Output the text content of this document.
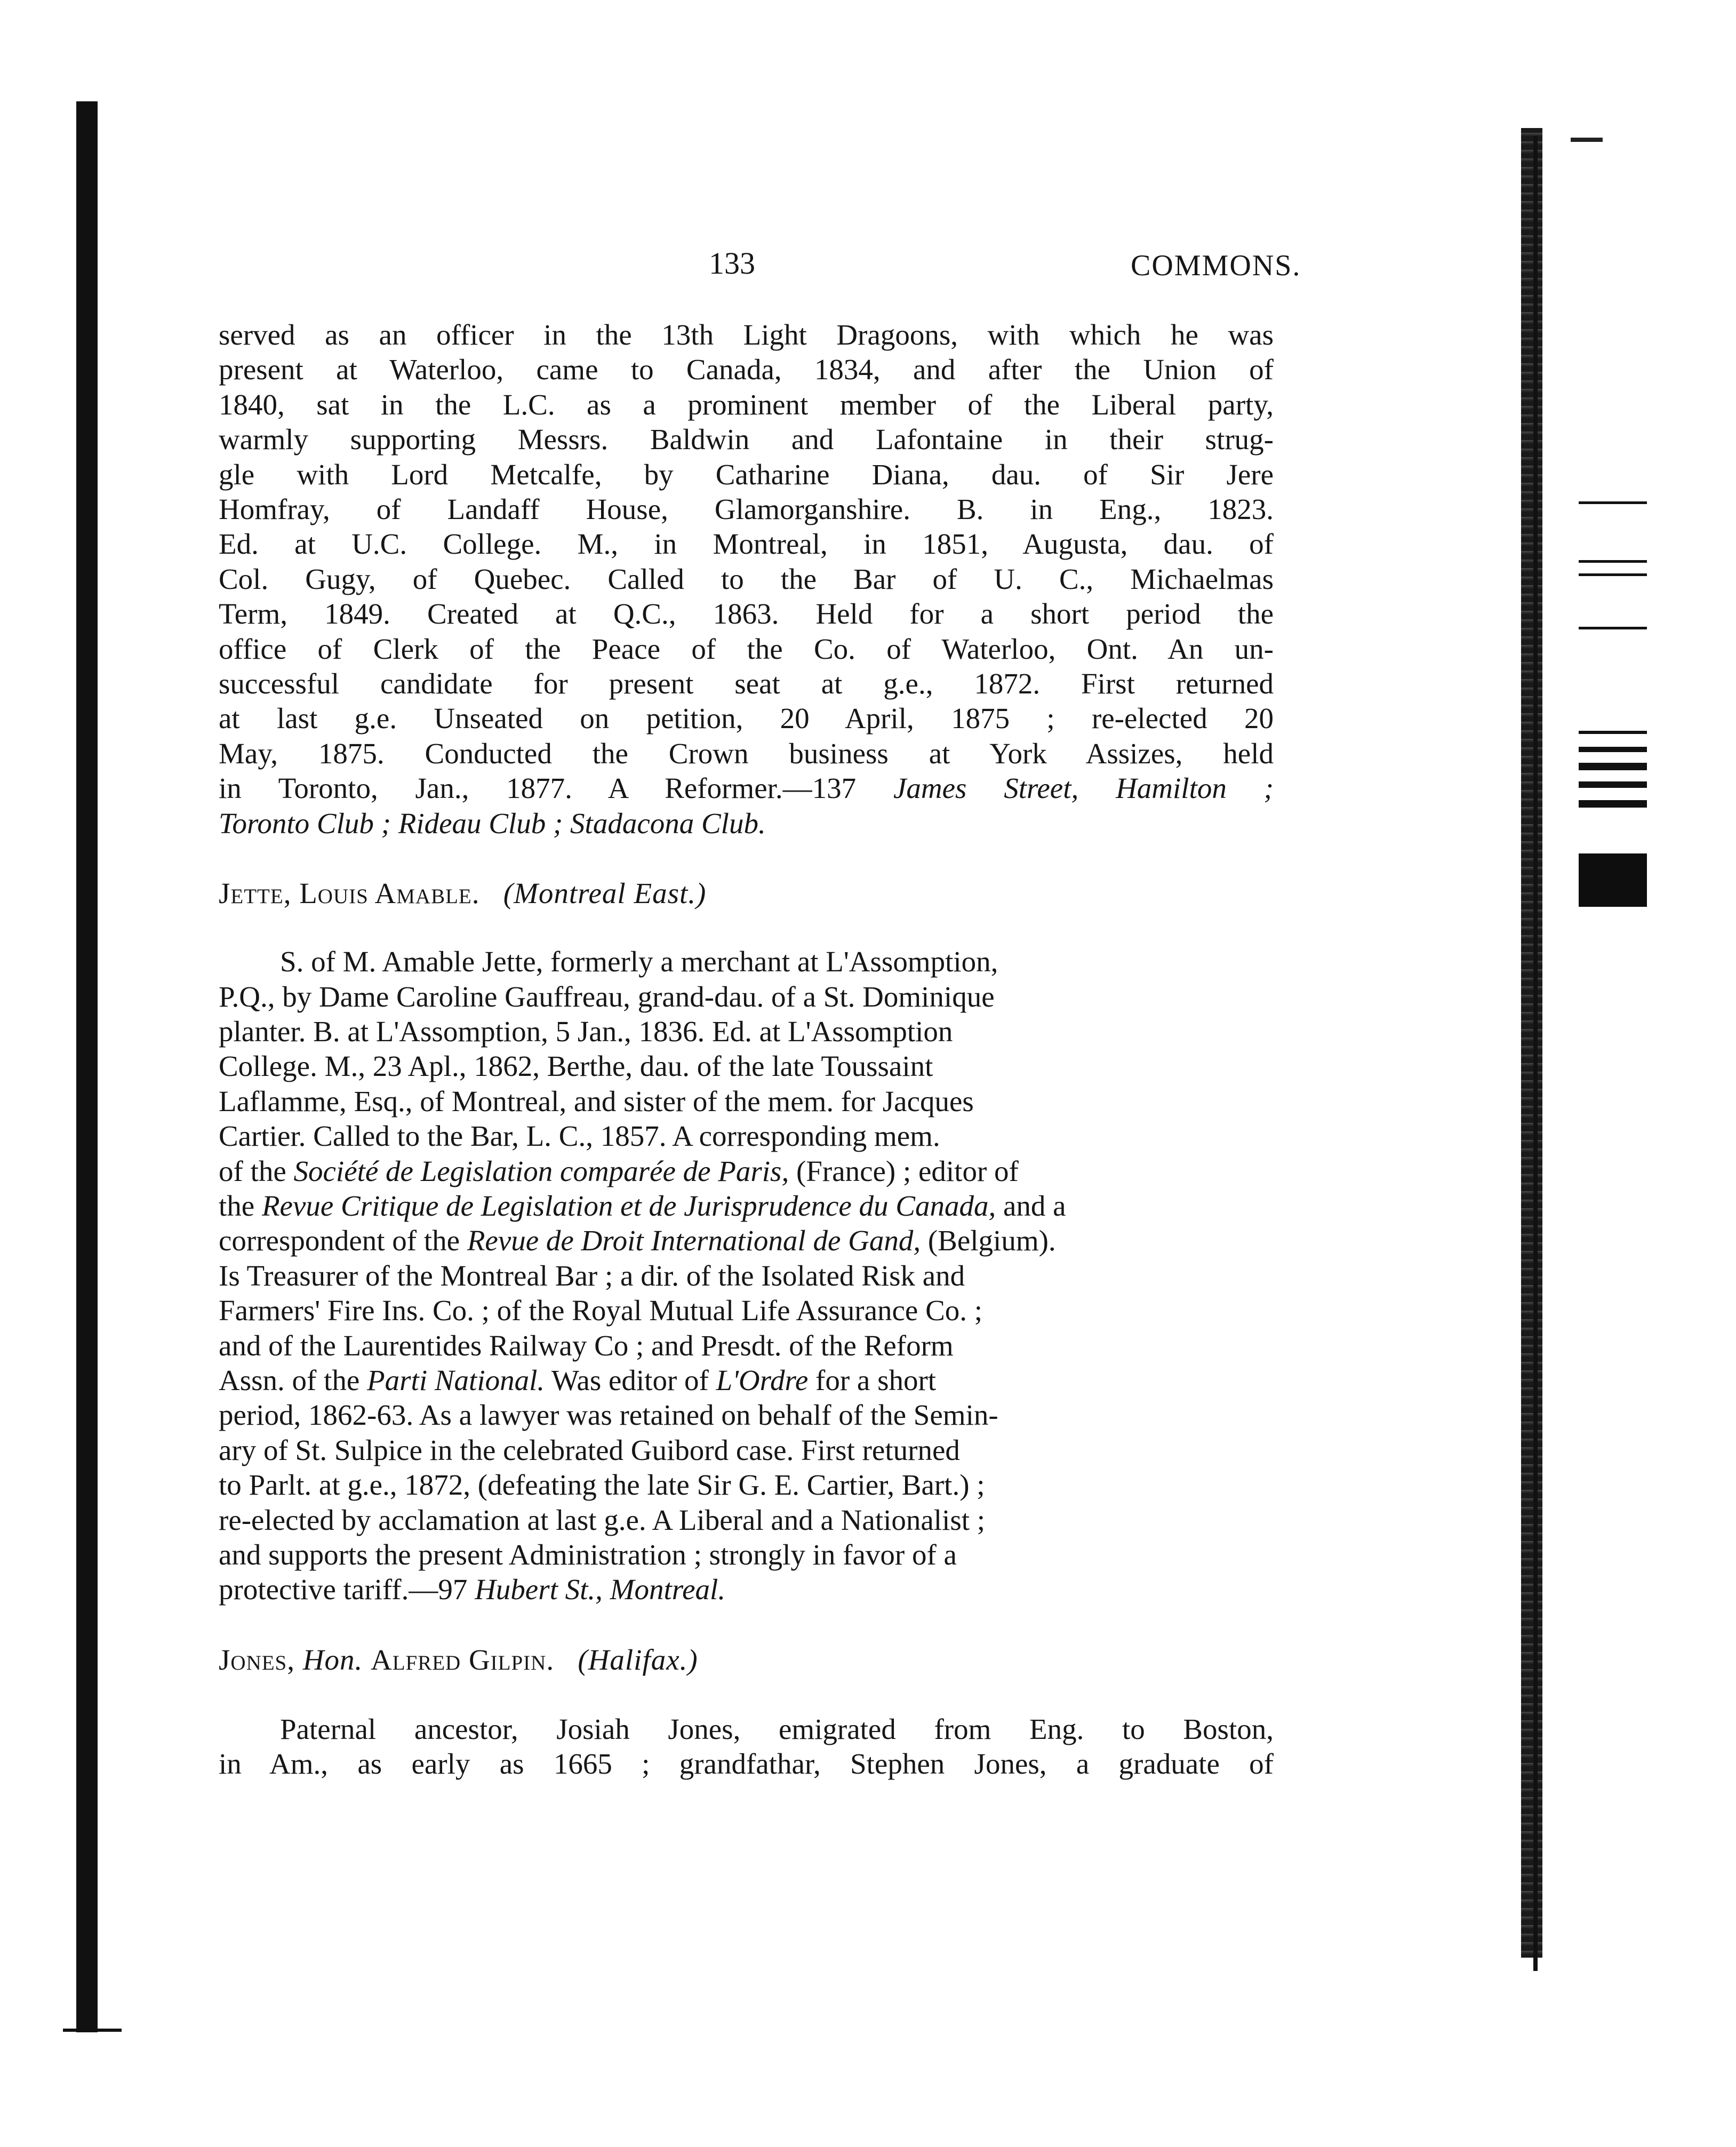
133	COMMONS.

served as an officer in the 13th Light Dragoons, with which he was
present at Waterloo, came to Canada, 1834, and after the Union of
1840, sat in the L.C. as a prominent member of the Liberal party,
warmly supporting Messrs. Baldwin and Lafontaine in their strug-
gle with Lord Metcalfe, by Catharine Diana, dau. of Sir Jere
Homfray, of Landaff House, Glamorganshire. B. in Eng., 1823.
Ed. at U.C. College. M., in Montreal, in 1851, Augusta, dau. of
Col. Gugy, of Quebec. Called to the Bar of U. C., Michaelmas
Term, 1849. Created at Q.C., 1863. Held for a short period the
office of Clerk of the Peace of the Co. of Waterloo, Ont. An un-
successful candidate for present seat at g.e., 1872. First returned
at last g.e. Unseated on petition, 20 April, 1875 ; re-elected 20
May, 1875. Conducted the Crown business at York Assizes, held
in Toronto, Jan., 1877. A Reformer.—137 James Street, Hamilton ;

Toronto Club ; Rideau Club ; Stadacona Club.

Jette, Louis Amable. (Montreal East.)

S. of M. Amable Jette, formerly a merchant at L'Assomption,
P.Q., by Dame Caroline Gauffreau, grand-dau. of a St. Dominique
planter. B. at L'Assomption, 5 Jan., 1836. Ed. at L'Assomption
College. M., 23 Apl., 1862, Berthe, dau. of the late Toussaint
Laflamme, Esq., of Montreal, and sister of the mem. for Jacques
Cartier. Called to the Bar, L. C., 1857. A corresponding mem.
of the Société de Legislation comparée de Paris, (France) ; editor of
the Revue Critique de Legislation et de Jurisprudence du Canada, and a
correspondent of the Revue de Droit International de Gand, (Belgium).
Is Treasurer of the Montreal Bar ; a dir. of the Isolated Risk and
Farmers' Fire Ins. Co. ; of the Royal Mutual Life Assurance Co. ;
and of the Laurentides Railway Co ; and Presdt. of the Reform
Assn. of the Parti National. Was editor of L'Ordre for a short
period, 1862-63. As a lawyer was retained on behalf of the Semin-
ary of St. Sulpice in the celebrated Guibord case. First returned
to Parlt. at g.e., 1872, (defeating the late Sir G. E. Cartier, Bart.) ;
re-elected by acclamation at last g.e. A Liberal and a Nationalist ;
and supports the present Administration ; strongly in favor of a
protective tariff.—97 Hubert St., Montreal.

Jones, Hon. Alfred Gilpin. (Halifax.)

Paternal ancestor, Josiah Jones, emigrated from Eng. to Boston,
in Am., as early as 1665 ; grandfathar, Stephen Jones, a graduate of
